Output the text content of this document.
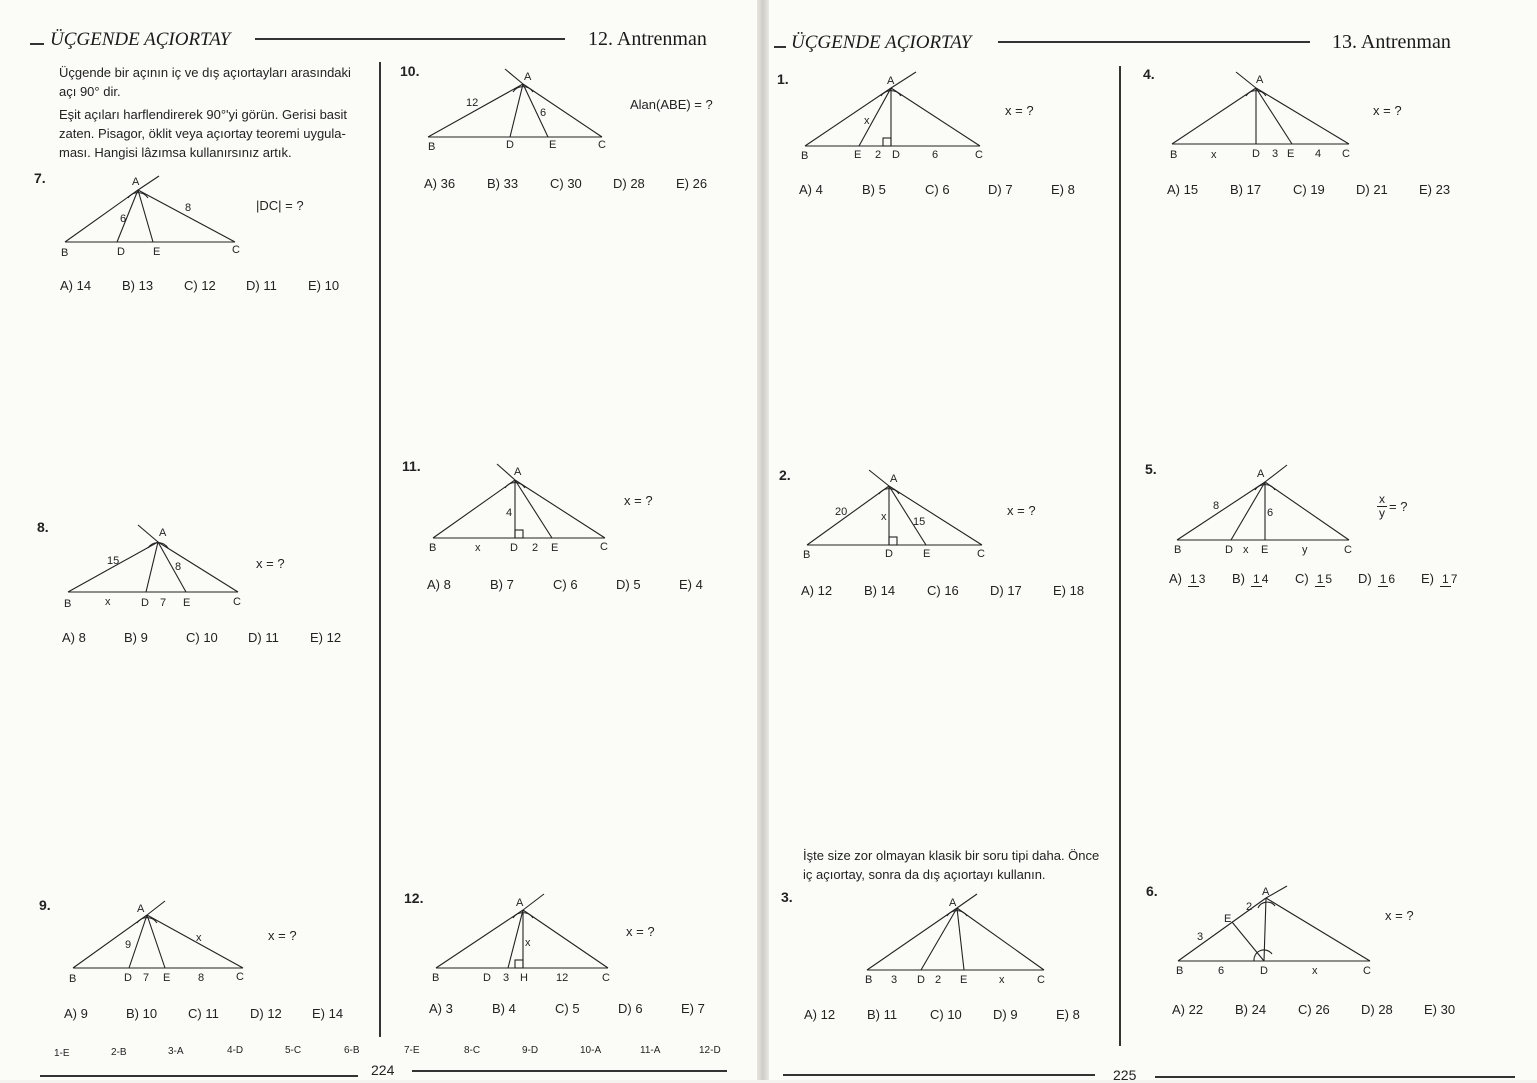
ÜÇGENDE AÇIORTAY	12. Antrenman
Üçgende bir açının iç ve dış açıortayları arasındaki
açı 90° dir.
Eşit açıları harflendirerek 90°'yi görün. Gerisi basit
zaten. Pisagor, öklit veya açıortay teoremi uygula-
ması. Hangisi lâzımsa kullanırsınız artık.
7.	A
B	D	E	C
6
8	|DC| = ?
A) 14	B) 13	C) 12	D) 11	E) 10
8.	A
B	x	D 7 E	C
15	8	x = ?
A) 8	B) 9	C) 10	D) 11	E) 12
9.	A
B	D 7 E	8	C
9
x	x = ?
A) 9	B) 10	C) 11	D) 12	E) 14
10.	A
B	D	E	C
12
6
Alan(ABE) = ?
A) 36	B) 33	C) 30	D) 28	E) 26
11.	A
B	x	D 2 E	C
4
x = ?
A) 8	B) 7	C) 6	D) 5	E) 4
12.	A
B	D 3 H	12	C
x
x = ?
A) 3	B) 4	C) 5	D) 6	E) 7
1-E	2-B	3-A	4-D	5-C	6-B	7-E	8-C	9-D	10-A	11-A	12-D
224
ÜÇGENDE AÇIORTAY	13. Antrenman
1.	A
B	E 2 D	6	C
x
x = ?
A) 4	B) 5	C) 6	D) 7	E) 8
2.	A
B	D	E	C
20	x 15
x = ?
A) 12	B) 14	C) 16	D) 17	E) 18
İşte size zor olmayan klasik bir soru tipi daha. Önce
iç açıortay, sonra da dış açıortayı kullanın.
3.	A
B 3 D 2 E	x	C
A) 12	B) 11	C) 10	D) 9	E) 8
4.	A
B	x	D 3 E 4 C
x = ?
A) 15	B) 17	C) 19	D) 21	E) 23
5.	A
B	D x E	y	C
8
6	$\frac{x}{y}$ = ?
A) 1 3	B) 1 4	C) 1 5	D) 1 6	E) 1 7
6.	A
E
2
3
B	6	D	x	C
x = ?
A) 22	B) 24	C) 26	D) 28	E) 30
225
